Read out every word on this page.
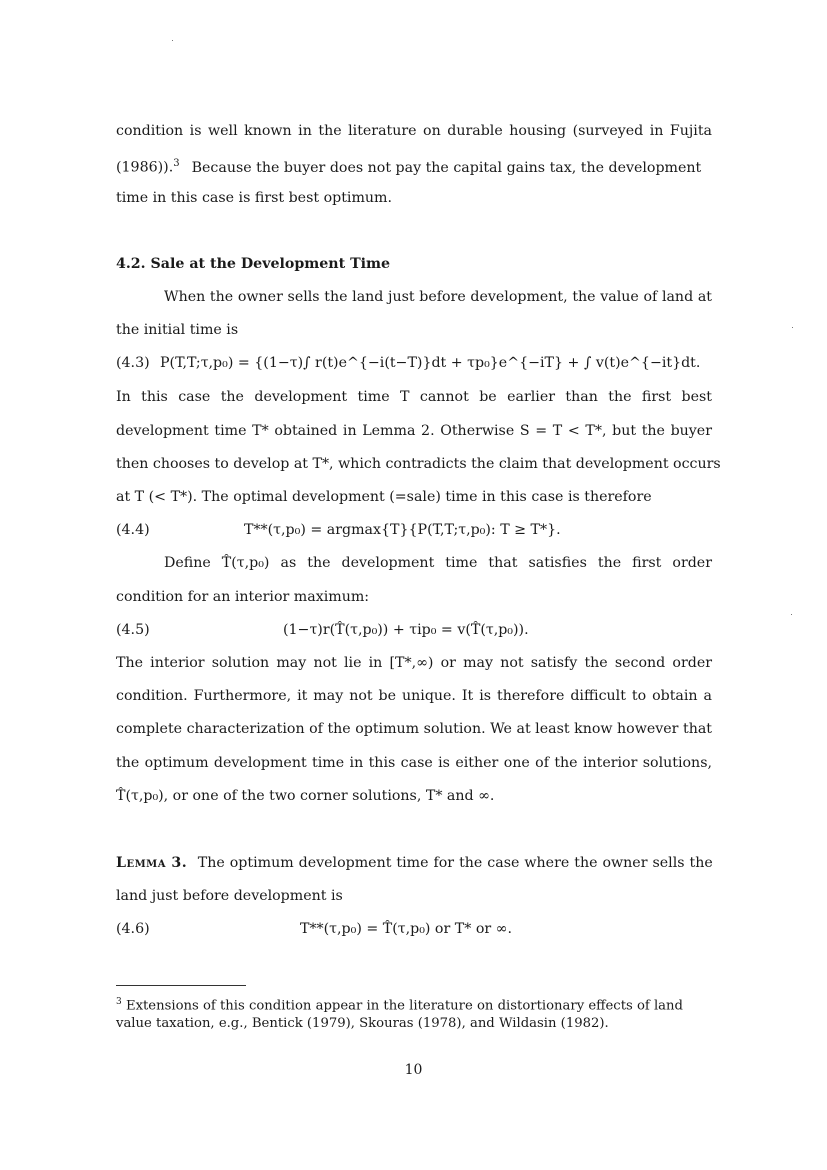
condition is well known in the literature on durable housing (surveyed in Fujita
(1986)).$^3$ Because the buyer does not pay the capital gains tax, the development
time in this case is first best optimum.
4.2. Sale at the Development Time
When the owner sells the land just before development, the value of land at
the initial time is
(4.3) P(T,T;τ,p₀) = {(1−τ)∫ r(t)e^{−i(t−T)}dt + τp₀}e^{−iT} + ∫ v(t)e^{−it}dt.
In this case the development time T cannot be earlier than the first best
development time T* obtained in Lemma 2. Otherwise S = T < T*, but the buyer
then chooses to develop at T*, which contradicts the claim that development occurs
at T (< T*). The optimal development (=sale) time in this case is therefore
(4.4)	T**(τ,p₀) = argmax{T}{P(T,T;τ,p₀): T ≥ T*}.
Define T̂(τ,p₀) as the development time that satisfies the first order
condition for an interior maximum:
(4.5)	(1−τ)r(T̂(τ,p₀)) + τip₀ = v(T̂(τ,p₀)).
The interior solution may not lie in [T*,∞) or may not satisfy the second order
condition. Furthermore, it may not be unique. It is therefore difficult to obtain a
complete characterization of the optimum solution. We at least know however that
the optimum development time in this case is either one of the interior solutions,
T̂(τ,p₀), or one of the two corner solutions, T* and ∞.
Lemma 3. The optimum development time for the case where the owner sells the
land just before development is
(4.6)	T**(τ,p₀) = T̂(τ,p₀) or T* or ∞.
$^3$ Extensions of this condition appear in the literature on distortionary effects of land
value taxation, e.g., Bentick (1979), Skouras (1978), and Wildasin (1982).
10
